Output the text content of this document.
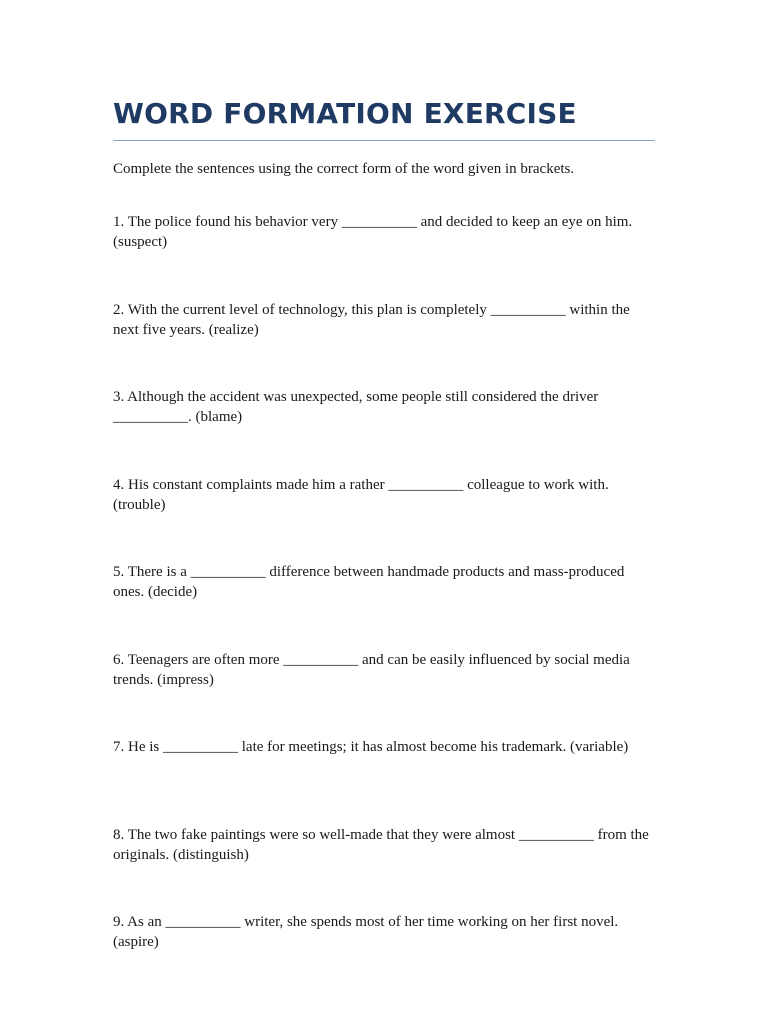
WORD FORMATION EXERCISE

Complete the sentences using the correct form of the word given in brackets.

1. The police found his behavior very __________ and decided to keep an eye on him. (suspect)
2. With the current level of technology, this plan is completely __________ within the next five years. (realize)
3. Although the accident was unexpected, some people still considered the driver __________. (blame)
4. His constant complaints made him a rather __________ colleague to work with. (trouble)
5. There is a __________ difference between handmade products and mass-produced ones. (decide)
6. Teenagers are often more __________ and can be easily influenced by social media trends. (impress)
7. He is __________ late for meetings; it has almost become his trademark. (variable)
8. The two fake paintings were so well-made that they were almost __________ from the originals. (distinguish)
9. As an __________ writer, she spends most of her time working on her first novel. (aspire)
